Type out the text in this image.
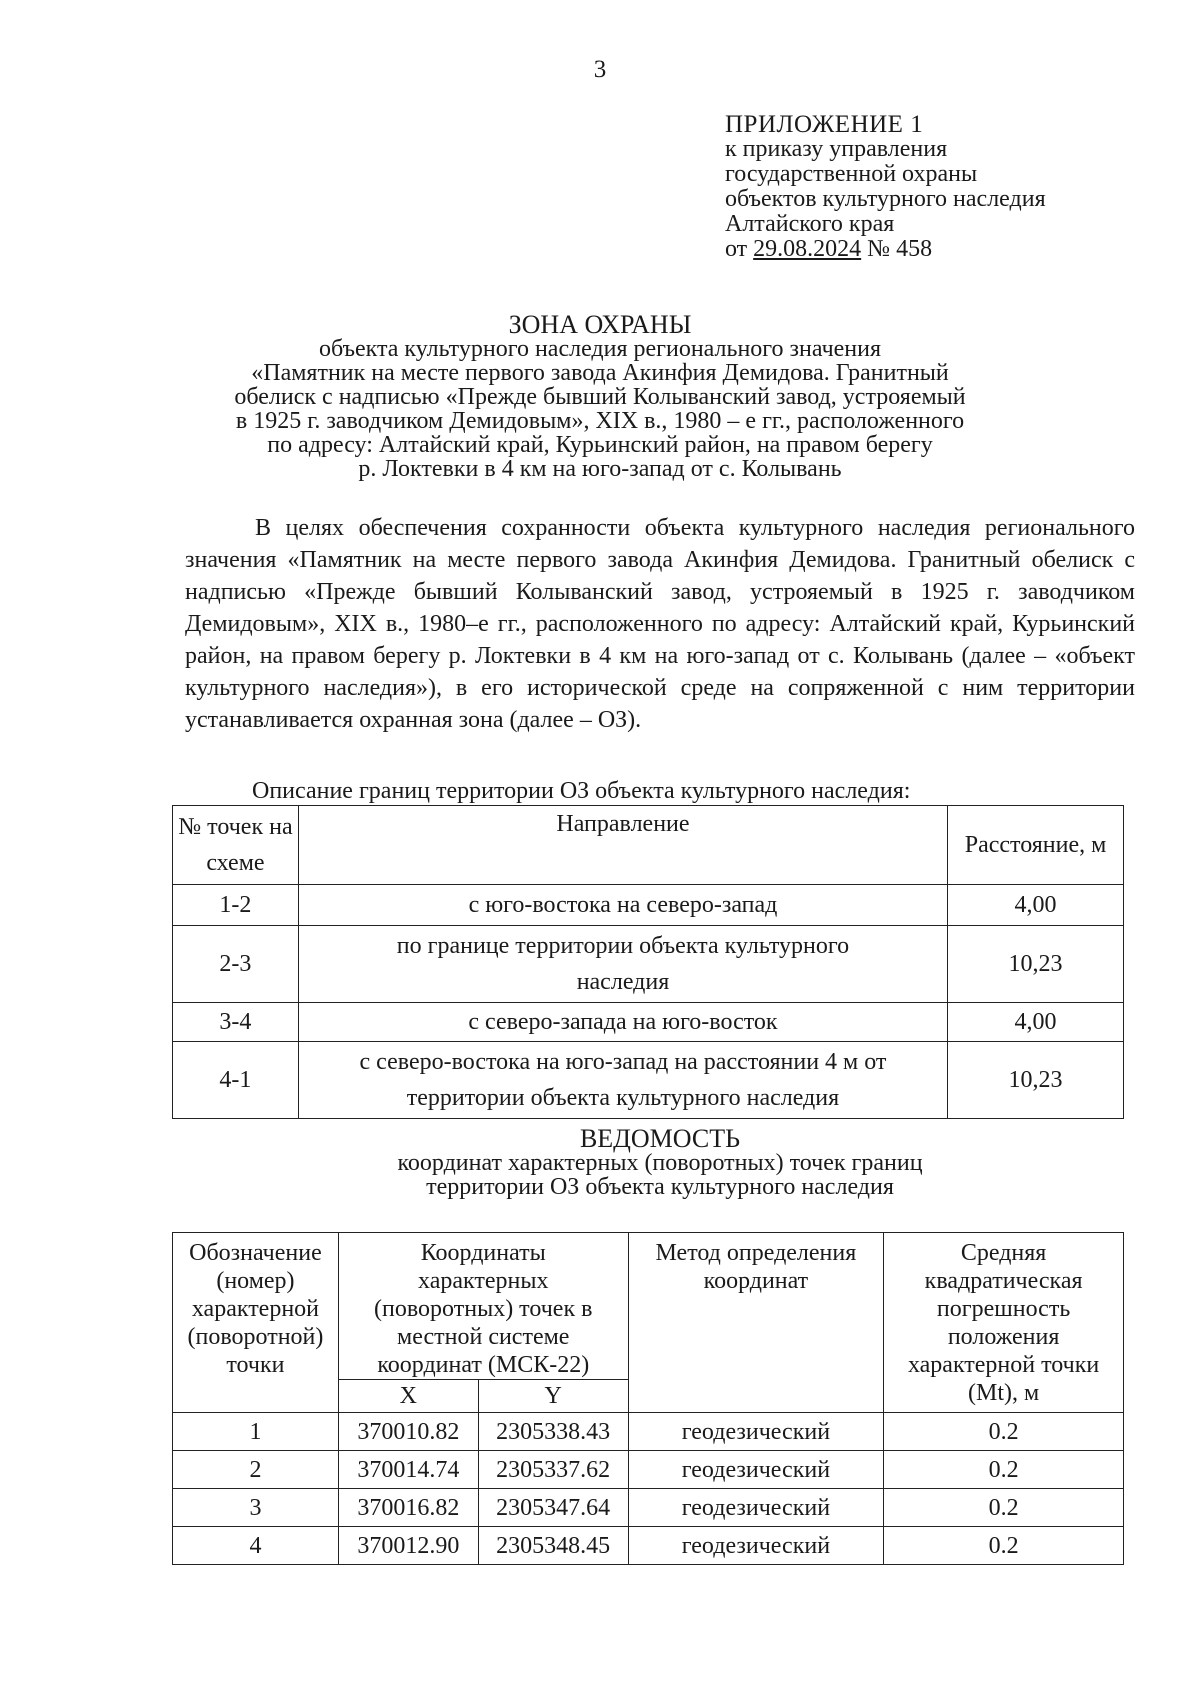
3
ПРИЛОЖЕНИЕ 1
к приказу управления
государственной охраны
объектов культурного наследия
Алтайского края
от 29.08.2024 № 458
ЗОНА ОХРАНЫ
объекта культурного наследия регионального значения
«Памятник на месте первого завода Акинфия Демидова. Гранитный
обелиск с надписью «Прежде бывший Колыванский завод, устрояемый
в 1925 г. заводчиком Демидовым», XIX в., 1980 – е гг., расположенного
по адресу: Алтайский край, Курьинский район, на правом берегу
р. Локтевки в 4 км на юго-запад от с. Колывань
В целях обеспечения сохранности объекта культурного наследия регионального значения «Памятник на месте первого завода Акинфия Демидова. Гранитный обелиск с надписью «Прежде бывший Колыванский завод, устрояемый в 1925 г. заводчиком Демидовым», XIX в., 1980–е гг., расположенного по адресу: Алтайский край, Курьинский район, на правом берегу р. Локтевки в 4 км на юго-запад от с. Колывань (далее – «объект культурного наследия»), в его исторической среде на сопряженной с ним территории устанавливается охранная зона (далее – ОЗ).
Описание границ территории ОЗ объекта культурного наследия:
№ точек на схеме	Направление	Расстояние, м
1-2	с юго-востока на северо-запад	4,00
2-3	по границе территории объекта культурного наследия	10,23
3-4	с северо-запада на юго-восток	4,00
4-1	с северо-востока на юго-запад на расстоянии 4 м от территории объекта культурного наследия	10,23
ВЕДОМОСТЬ
координат характерных (поворотных) точек границ
территории ОЗ объекта культурного наследия
Обозначение (номер) характерной (поворотной) точки	Координаты характерных (поворотных) точек в местной системе координат (МСК-22)		Метод определения координат	Средняя квадратическая погрешность положения характерной точки (Mt), м
	X	Y		
1	370010.82	2305338.43	геодезический	0.2
2	370014.74	2305337.62	геодезический	0.2
3	370016.82	2305347.64	геодезический	0.2
4	370012.90	2305348.45	геодезический	0.2
